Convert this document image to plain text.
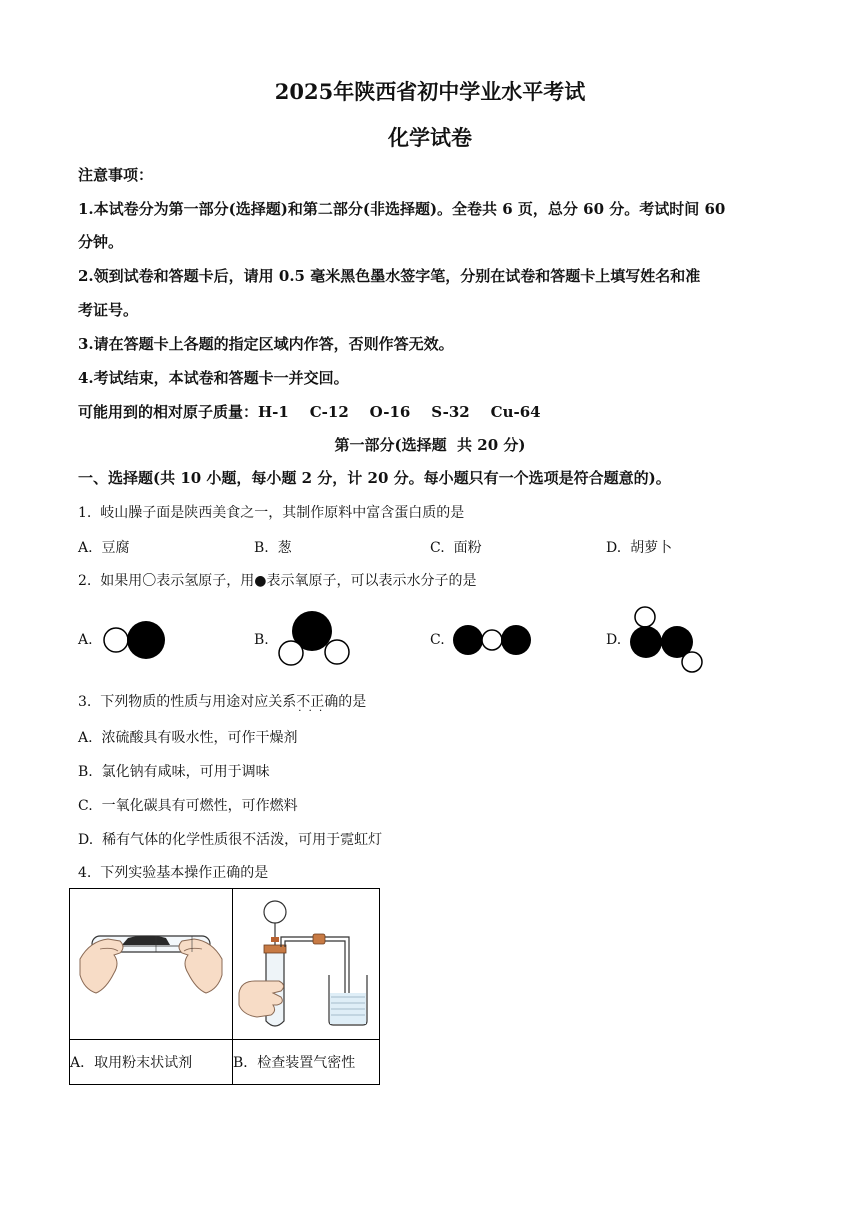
2025年陕西省初中学业水平考试
化学试卷
注意事项：
1.本试卷分为第一部分(选择题)和第二部分(非选择题)。全卷共 6 页，总分 60 分。考试时间 60
分钟。
2.领到试卷和答题卡后，请用 0.5 毫米黑色墨水签字笔，分别在试卷和答题卡上填写姓名和准
考证号。
3.请在答题卡上各题的指定区域内作答，否则作答无效。
4.考试结束，本试卷和答题卡一并交回。
可能用到的相对原子质量：H-1    C-12    O-16    S-32    Cu-64
第一部分(选择题  共 20 分)
一、选择题(共 10 小题，每小题 2 分，计 20 分。每小题只有一个选项是符合题意的)。
1.  岐山臊子面是陕西美食之一，其制作原料中富含蛋白质的是
A.  豆腐	B.  葱	C.  面粉	D.  胡萝卜
2.  如果用〇表示氢原子，用●表示氧原子，可以表示水分子的是
A.	B.	C.	D.
3.  下列物质的性质与用途对应关系不正确 · · ·的是
A.  浓硫酸具有吸水性，可作干燥剂
B.  氯化钠有咸味，可用于调味
C.  一氧化碳具有可燃性，可作燃料
D.  稀有气体的化学性质很不活泼，可用于霓虹灯
4.  下列实验基本操作正确的是

A．取用粉末状试剂	B．检查装置气密性
